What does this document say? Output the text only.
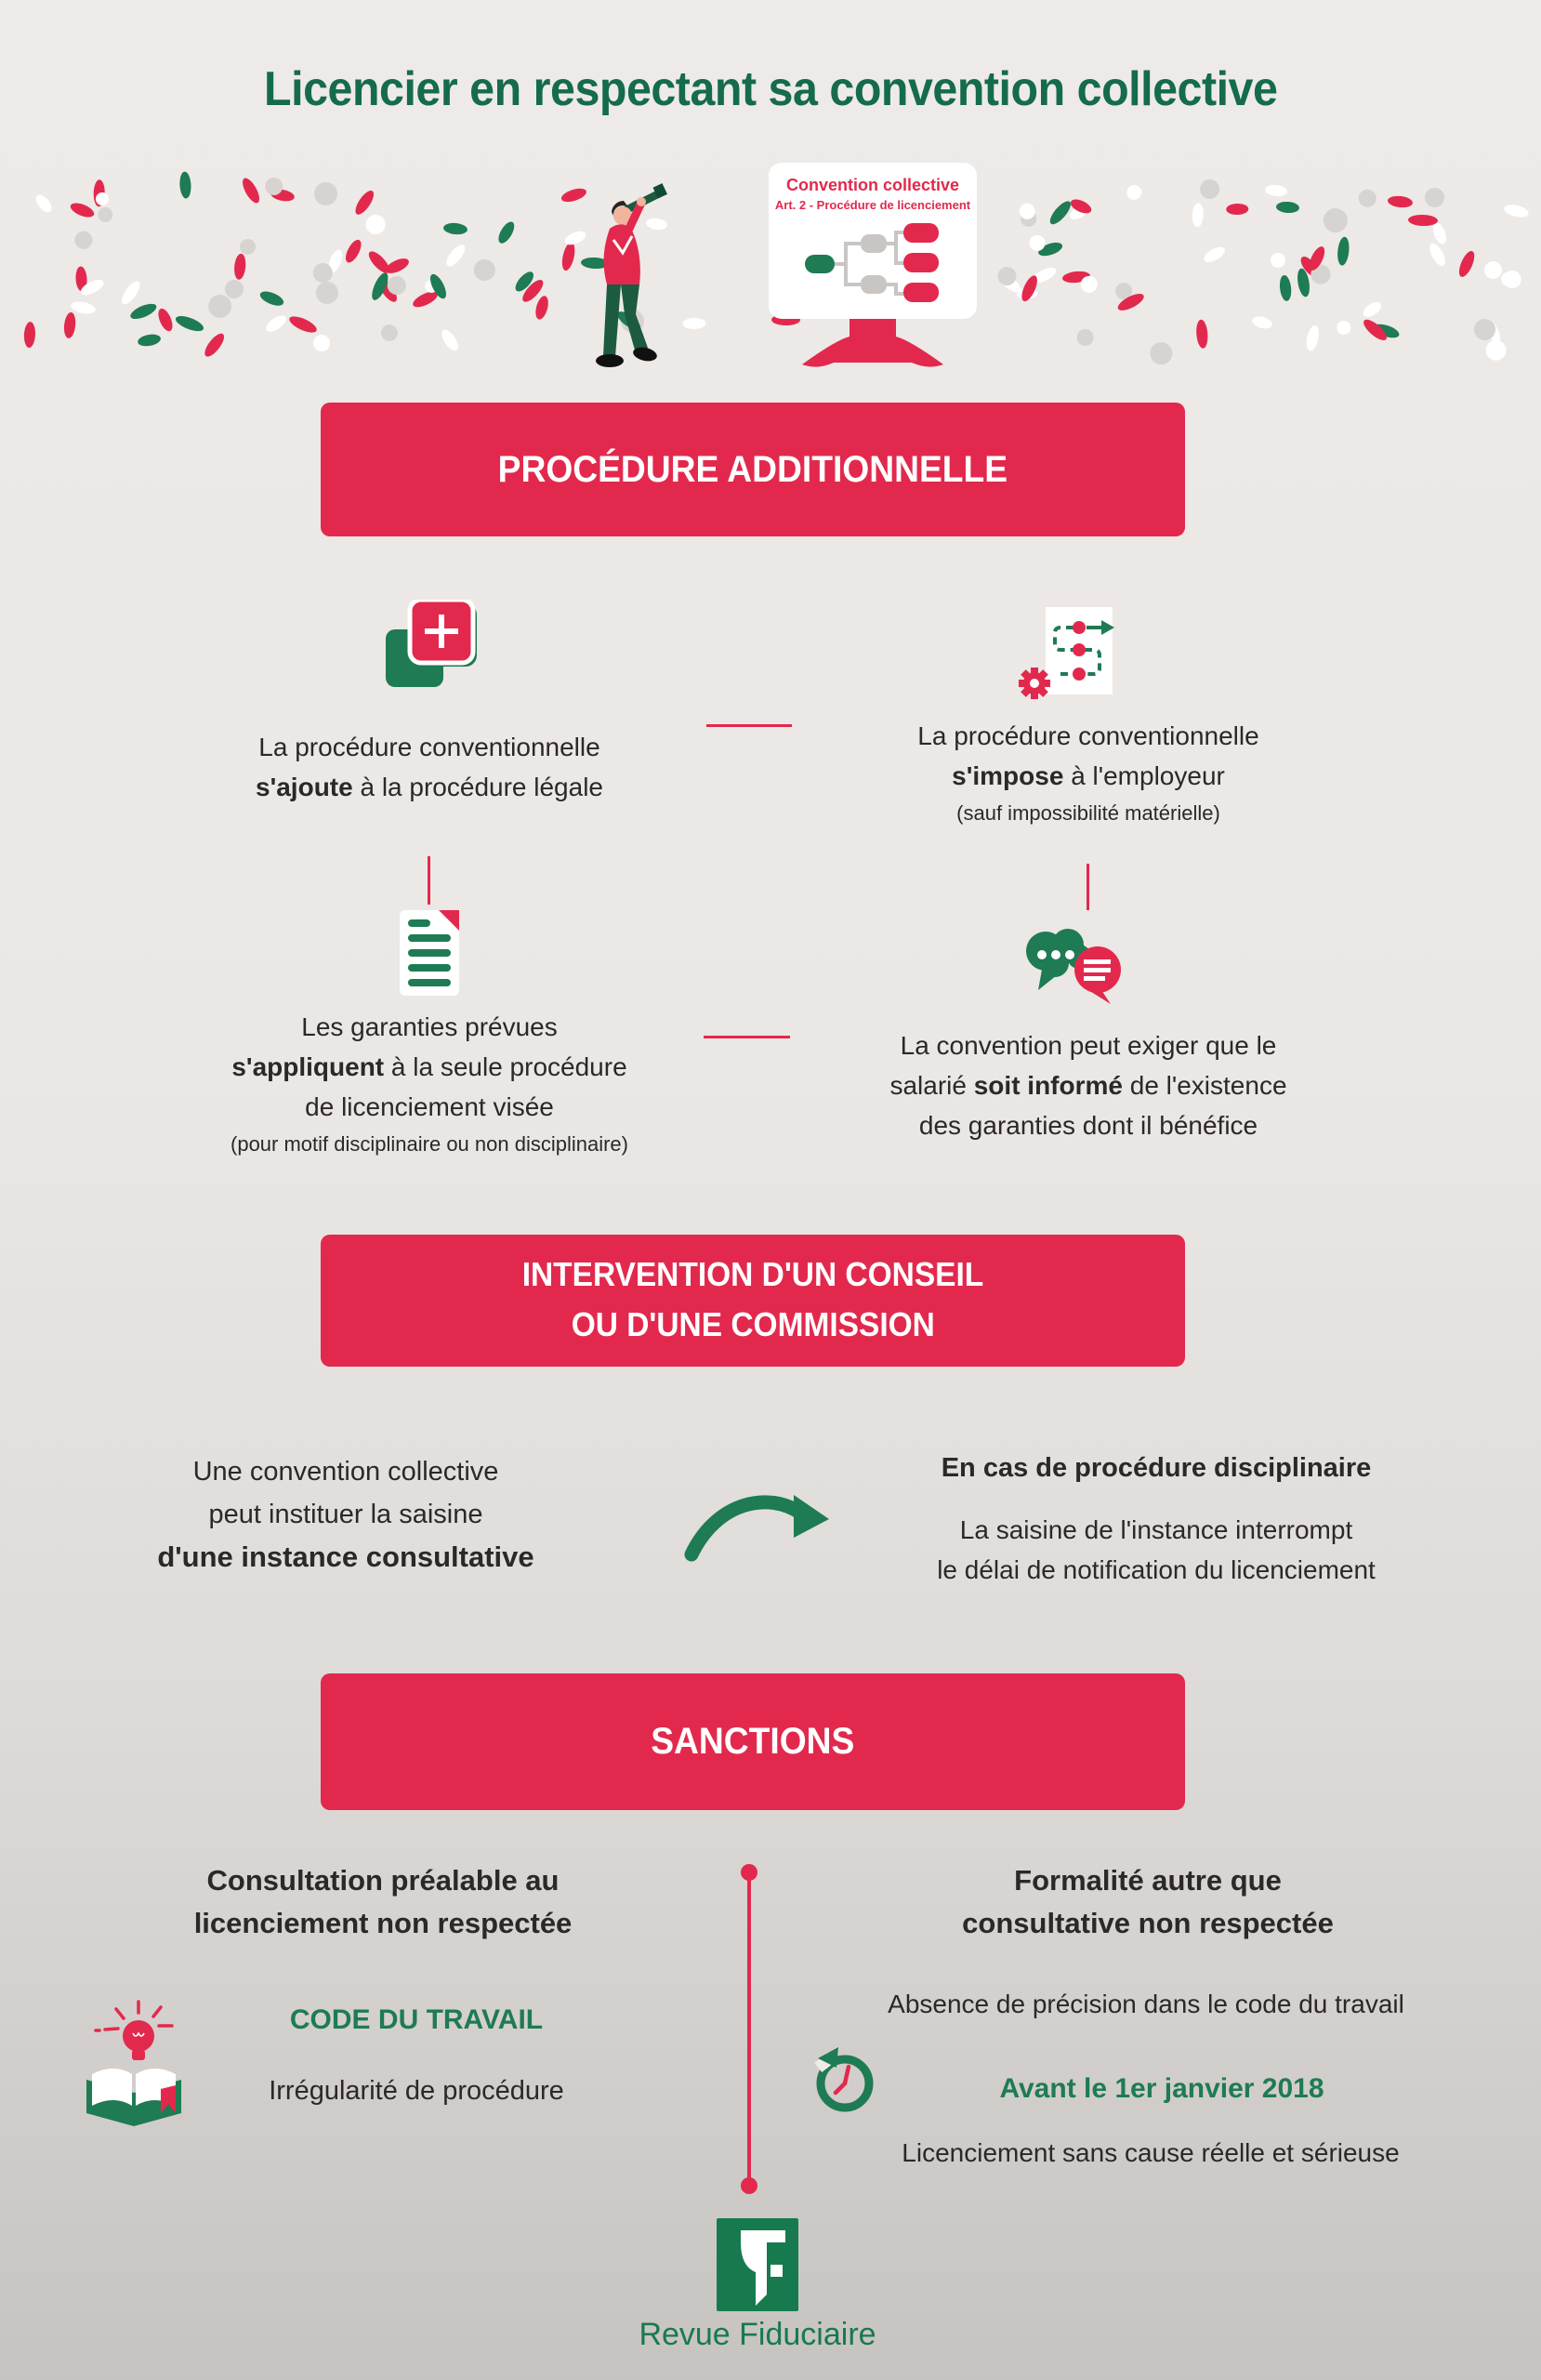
Licencier en respectant sa convention collective
Convention collective
Art. 2 - Procédure de licenciement
PROCÉDURE ADDITIONNELLE
La procédure conventionnelle
s'ajoute à la procédure légale
La procédure conventionnelle
s'impose à l'employeur
(sauf impossibilité matérielle)
Les garanties prévues
s'appliquent à la seule procédure
de licenciement visée
(pour motif disciplinaire ou non disciplinaire)
La convention peut exiger que le
salarié soit informé de l'existence
des garanties dont il bénéfice
INTERVENTION D'UN CONSEIL
OU D'UNE COMMISSION
Une convention collective
peut instituer la saisine
d'une instance consultative
En cas de procédure disciplinaire
La saisine de l'instance interrompt
le délai de notification du licenciement
SANCTIONS
Consultation préalable au
licenciement non respectée
CODE DU TRAVAIL
Irrégularité de procédure
Formalité autre que
consultative non respectée
Absence de précision dans le code du travail
Avant le 1er janvier 2018
Licenciement sans cause réelle et sérieuse
Revue Fiduciaire
